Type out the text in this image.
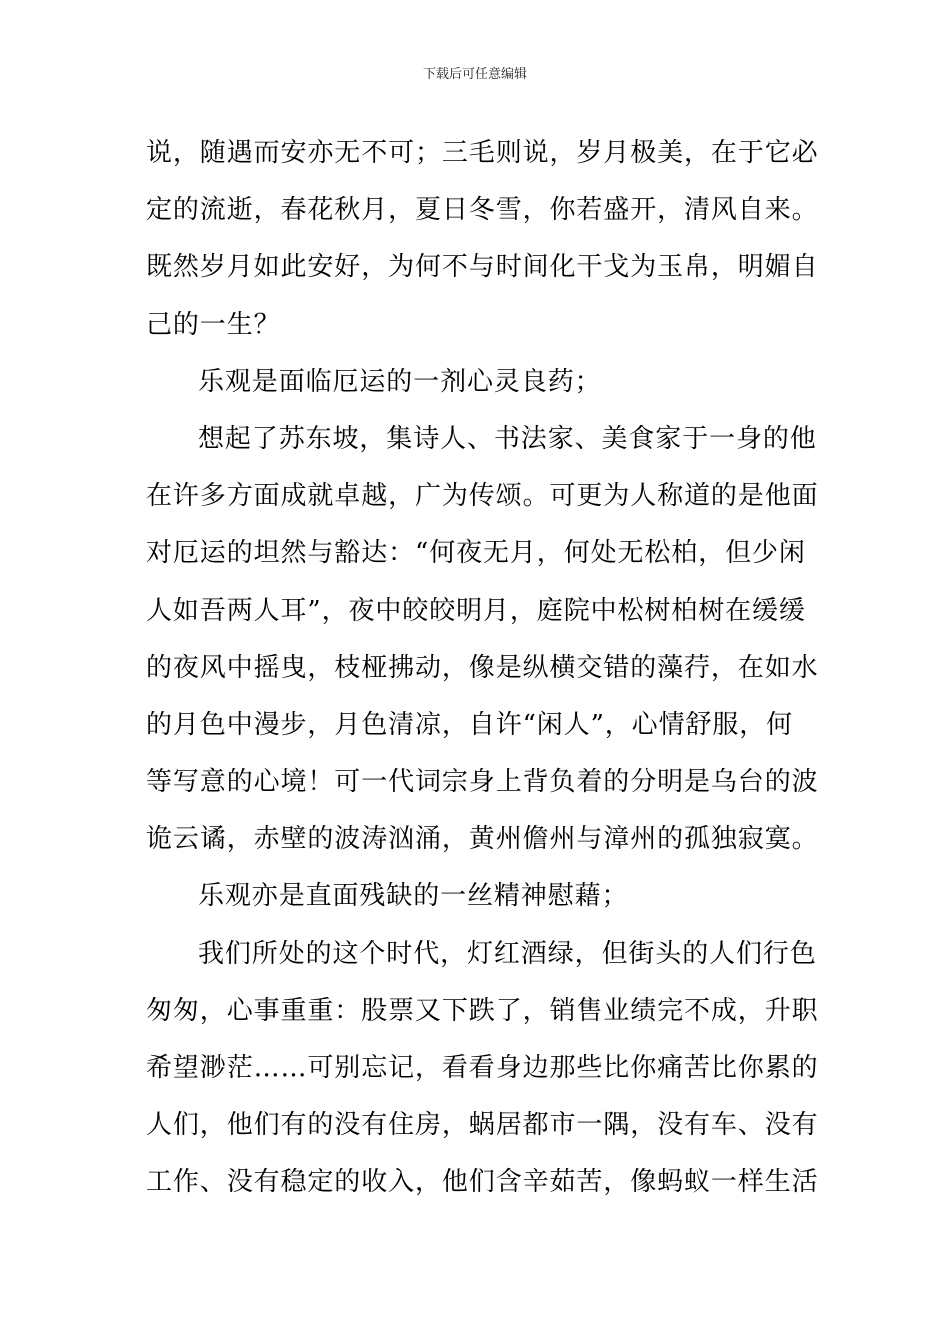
下载后可任意编辑
说，随遇而安亦无不可；三毛则说，岁月极美，在于它必
定的流逝，春花秋月，夏日冬雪，你若盛开，清风自来。
既然岁月如此安好，为何不与时间化干戈为玉帛，明媚自
己的一生？
乐观是面临厄运的一剂心灵良药；
想起了苏东坡，集诗人、书法家、美食家于一身的他
在许多方面成就卓越，广为传颂。可更为人称道的是他面
对厄运的坦然与豁达：“何夜无月，何处无松柏，但少闲
人如吾两人耳”，夜中皎皎明月，庭院中松树柏树在缓缓
的夜风中摇曳，枝桠拂动，像是纵横交错的藻荇，在如水
的月色中漫步，月色清凉，自许“闲人”，心情舒服，何
等写意的心境！可一代词宗身上背负着的分明是乌台的波
诡云谲，赤壁的波涛汹涌，黄州儋州与漳州的孤独寂寞。
乐观亦是直面残缺的一丝精神慰藉；
我们所处的这个时代，灯红酒绿，但街头的人们行色
匆匆，心事重重：股票又下跌了，销售业绩完不成，升职
希望渺茫……可别忘记，看看身边那些比你痛苦比你累的
人们，他们有的没有住房，蜗居都市一隅，没有车、没有
工作、没有稳定的收入，他们含辛茹苦，像蚂蚁一样生活
